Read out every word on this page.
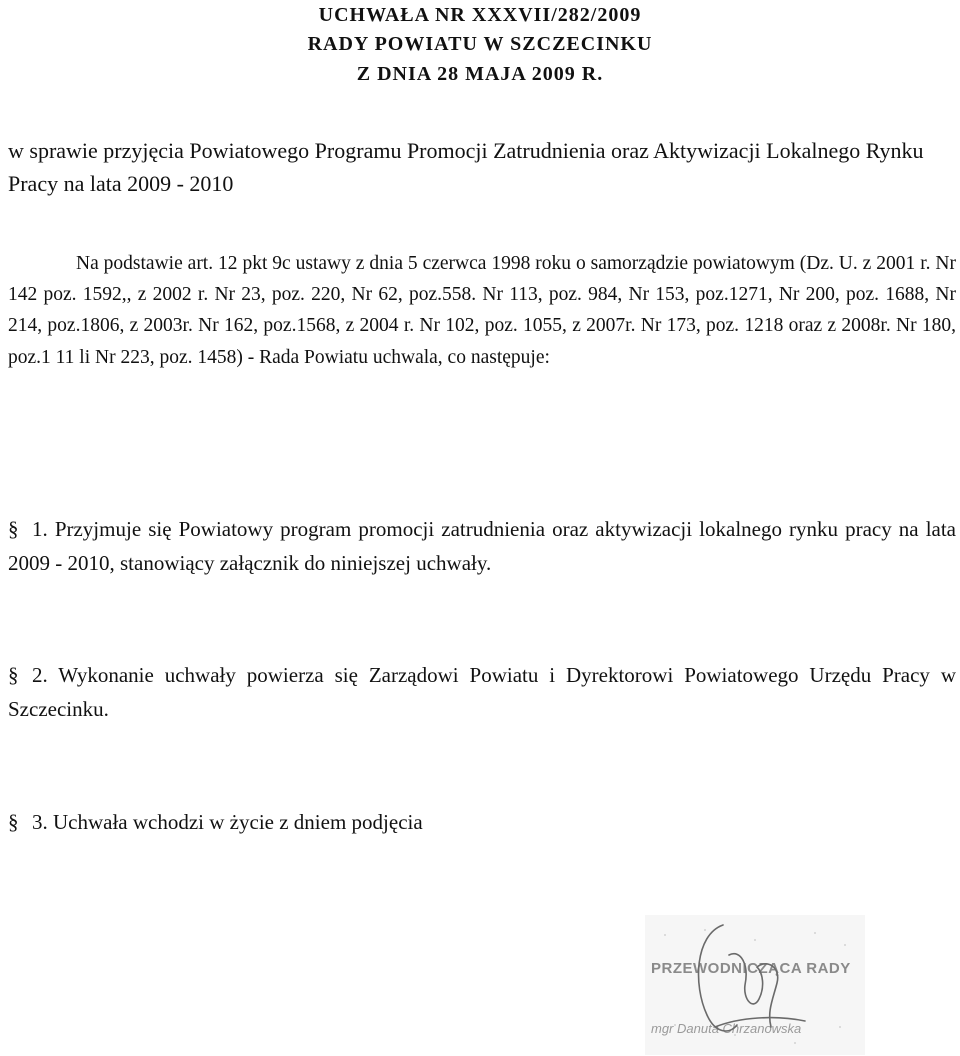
UCHWAŁA NR XXXVII/282/2009
RADY POWIATU W SZCZECINKU
Z DNIA 28 MAJA 2009 R.
w sprawie przyjęcia Powiatowego Programu Promocji Zatrudnienia oraz Aktywizacji Lokalnego Rynku Pracy na lata 2009 - 2010
Na podstawie art. 12 pkt 9c ustawy z dnia 5 czerwca 1998 roku o samorządzie powiatowym (Dz. U. z 2001 r. Nr 142 poz. 1592,, z 2002 r. Nr 23, poz. 220, Nr 62, poz.558. Nr 113, poz. 984, Nr 153, poz.1271, Nr 200, poz. 1688, Nr 214, poz.1806, z 2003r. Nr 162, poz.1568, z 2004 r. Nr 102, poz. 1055, z 2007r. Nr 173, poz. 1218 oraz z 2008r. Nr 180, poz.1 11 li Nr 223, poz. 1458) - Rada Powiatu uchwala, co następuje:
§ 1. Przyjmuje się Powiatowy program promocji zatrudnienia oraz aktywizacji lokalnego rynku pracy na lata 2009 - 2010, stanowiący załącznik do niniejszej uchwały.
§ 2. Wykonanie uchwały powierza się Zarządowi Powiatu i Dyrektorowi Powiatowego Urzędu Pracy w Szczecinku.
§ 3. Uchwała wchodzi w życie z dniem podjęcia
PRZEWODNICZĄCA RADY
mgr Danuta Chrzanowska
